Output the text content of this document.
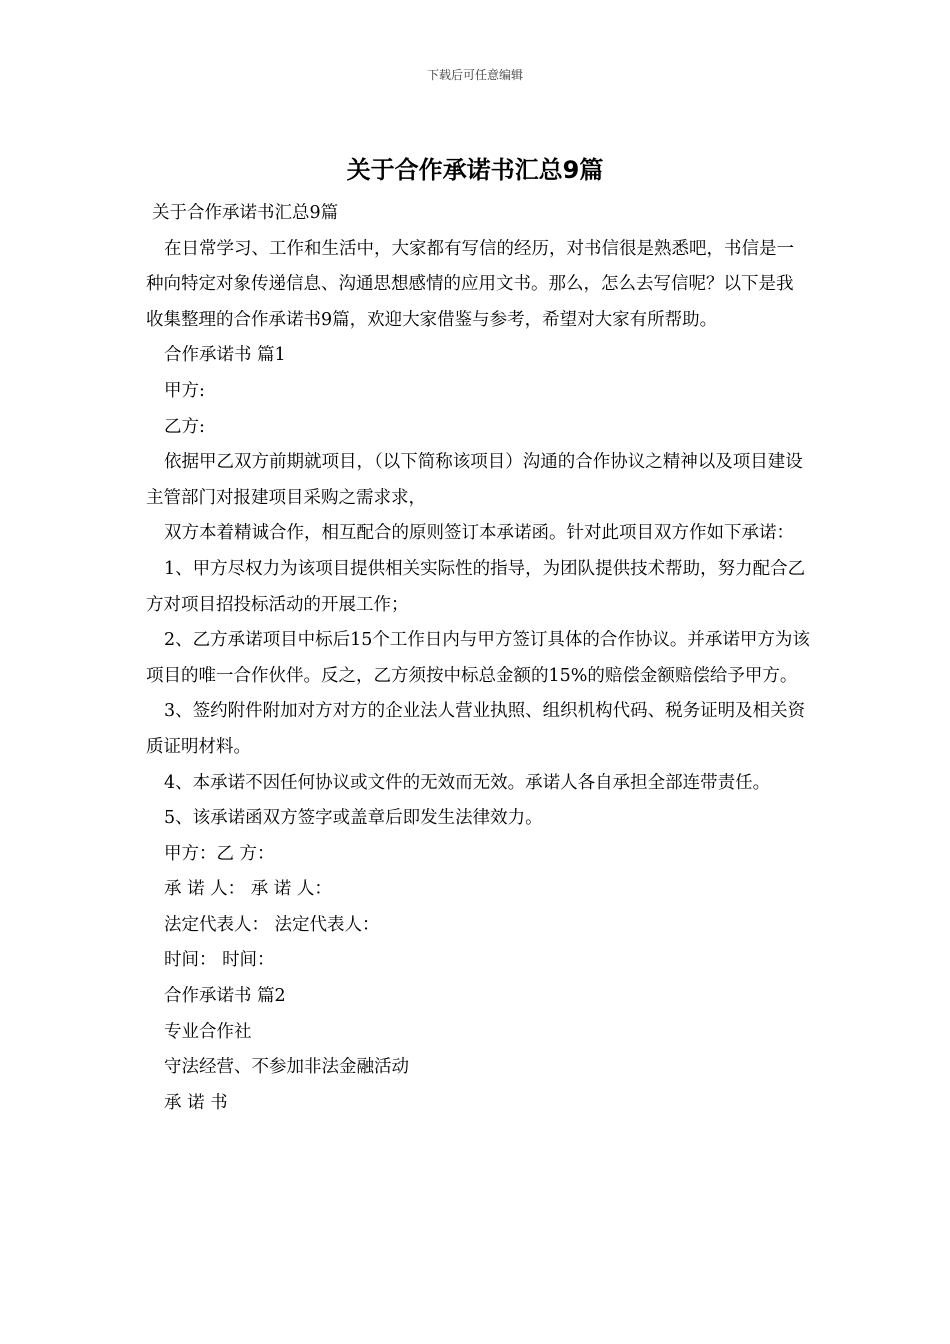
下载后可任意编辑
关于合作承诺书汇总9篇

关于合作承诺书汇总9篇

在日常学习、工作和生活中，大家都有写信的经历，对书信很是熟悉吧，书信是一种向特定对象传递信息、沟通思想感情的应用文书。那么，怎么去写信呢？以下是我收集整理的合作承诺书9篇，欢迎大家借鉴与参考，希望对大家有所帮助。

合作承诺书 篇1

甲方:

乙方:

依据甲乙双方前期就项目，（以下简称该项目）沟通的合作协议之精神以及项目建设主管部门对报建项目采购之需求求，

双方本着精诚合作，相互配合的原则签订本承诺函。针对此项目双方作如下承诺：

1、甲方尽权力为该项目提供相关实际性的指导，为团队提供技术帮助，努力配合乙方对项目招投标活动的开展工作；

2、乙方承诺项目中标后15个工作日内与甲方签订具体的合作协议。并承诺甲方为该项目的唯一合作伙伴。反之，乙方须按中标总金额的15%的赔偿金额赔偿给予甲方。

3、签约附件附加对方对方的企业法人营业执照、组织机构代码、税务证明及相关资质证明材料。

4、本承诺不因任何协议或文件的无效而无效。承诺人各自承担全部连带责任。

5、该承诺函双方签字或盖章后即发生法律效力。

甲方：乙 方：

承 诺 人： 承 诺 人：

法定代表人： 法定代表人：

时间： 时间：

合作承诺书 篇2

专业合作社

守法经营、不参加非法金融活动

承 诺 书
